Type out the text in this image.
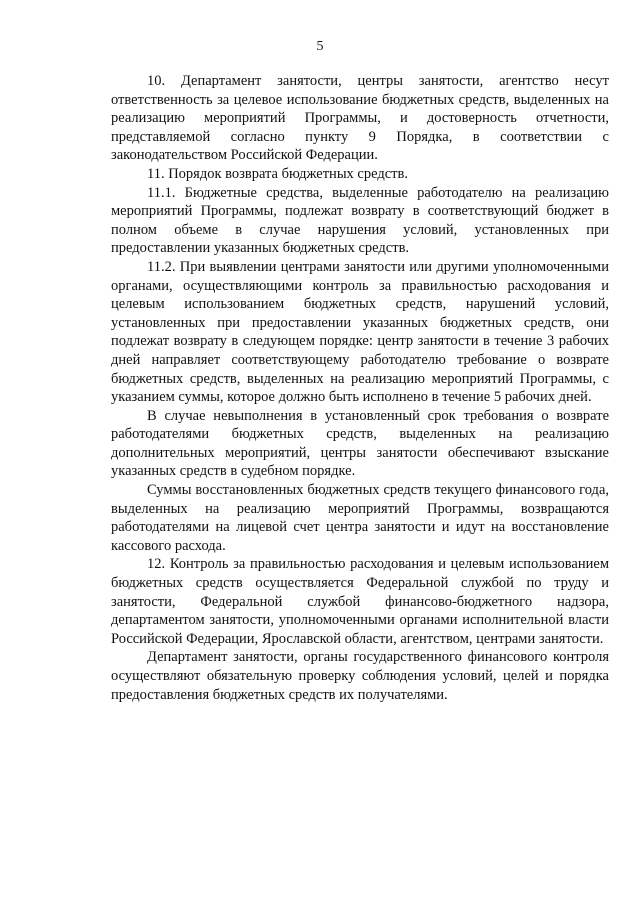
5

10. Департамент занятости, центры занятости, агентство несут ответственность за целевое использование бюджетных средств, выделенных на реализацию мероприятий Программы, и достоверность отчетности, представляемой согласно пункту 9 Порядка, в соответствии с законодательством Российской Федерации.

11. Порядок возврата бюджетных средств.

11.1. Бюджетные средства, выделенные работодателю на реализацию мероприятий Программы, подлежат возврату в соответствующий бюджет в полном объеме в случае нарушения условий, установленных при предоставлении указанных бюджетных средств.

11.2. При выявлении центрами занятости или другими уполномоченными органами, осуществляющими контроль за правильностью расходования и целевым использованием бюджетных средств, нарушений условий, установленных при предоставлении указанных бюджетных средств, они подлежат возврату в следующем порядке: центр занятости в течение 3 рабочих дней направляет соответствующему работодателю требование о возврате бюджетных средств, выделенных на реализацию мероприятий Программы, с указанием суммы, которое должно быть исполнено в течение 5 рабочих дней.

В случае невыполнения в установленный срок требования о возврате работодателями бюджетных средств, выделенных на реализацию дополнительных мероприятий, центры занятости обеспечивают взыскание указанных средств в судебном порядке.

Суммы восстановленных бюджетных средств текущего финансового года, выделенных на реализацию мероприятий Программы, возвращаются работодателями на лицевой счет центра занятости и идут на восстановление кассового расхода.

12. Контроль за правильностью расходования и целевым использованием бюджетных средств осуществляется Федеральной службой по труду и занятости, Федеральной службой финансово-бюджетного надзора, департаментом занятости, уполномоченными органами исполнительной власти Российской Федерации, Ярославской области, агентством, центрами занятости.

Департамент занятости, органы государственного финансового контроля осуществляют обязательную проверку соблюдения условий, целей и порядка предоставления бюджетных средств их получателями.
